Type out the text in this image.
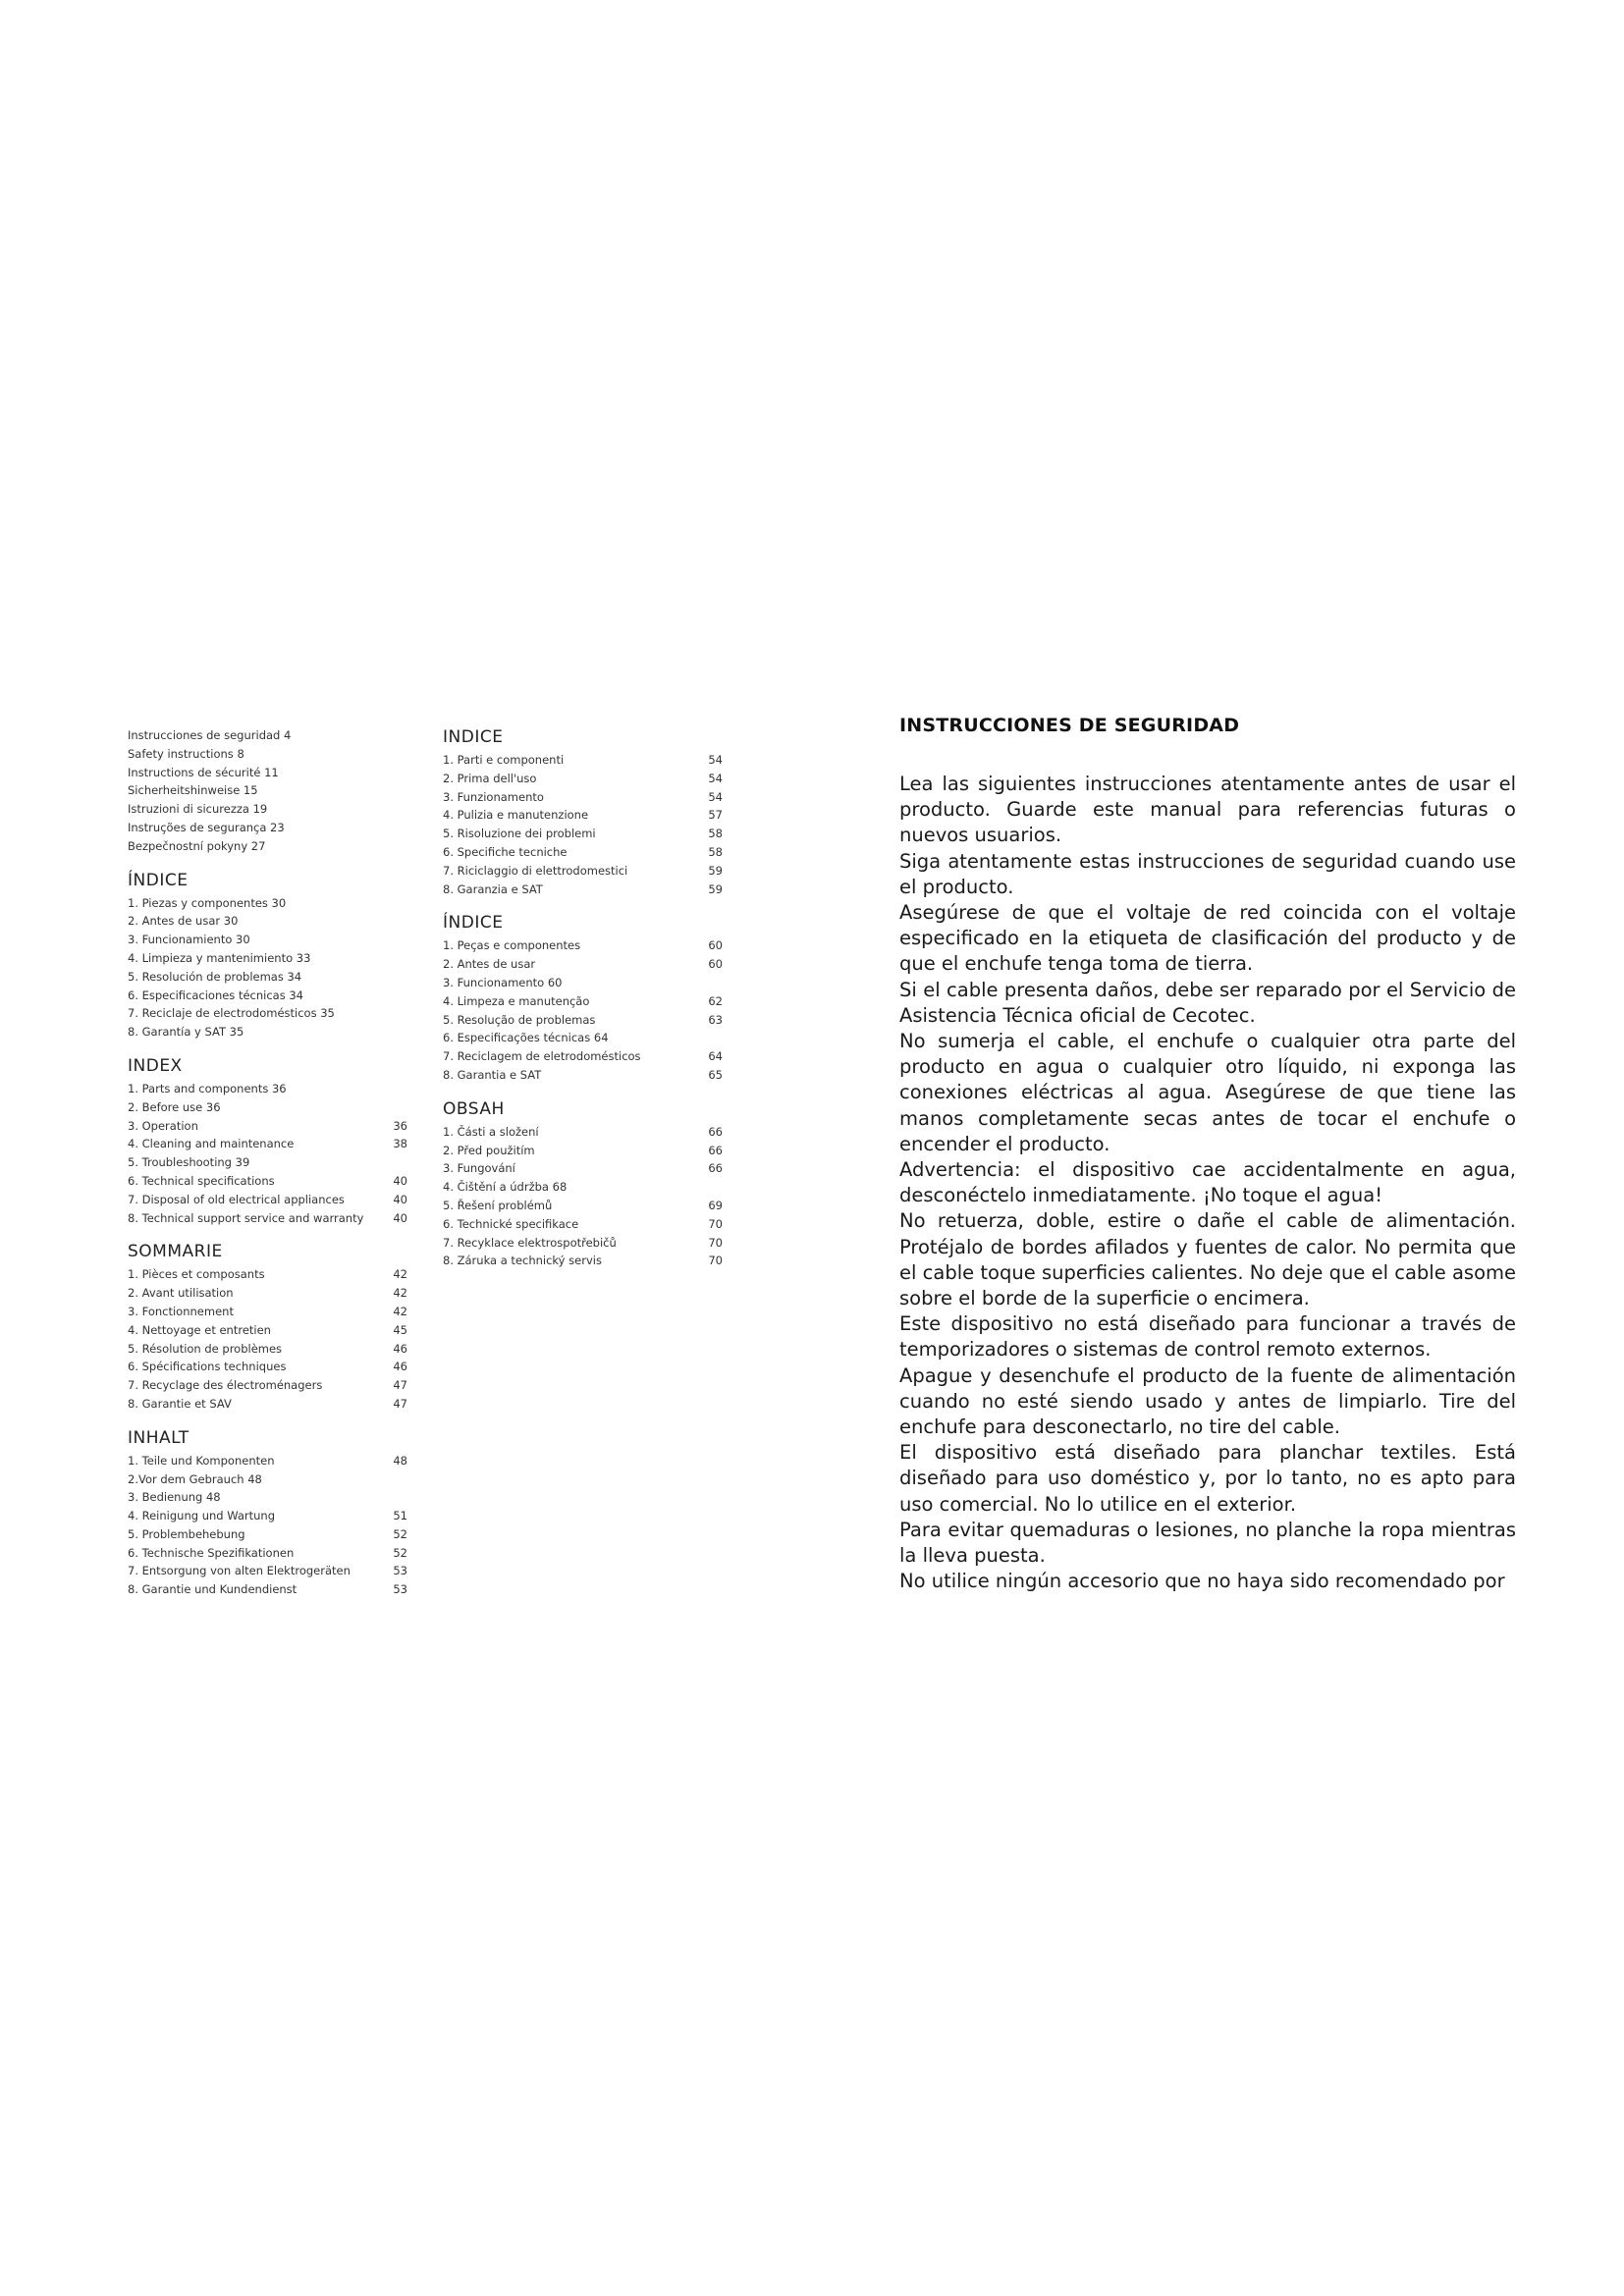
Instrucciones de seguridad 4
Safety instructions 8
Instructions de sécurité 11
Sicherheitshinweise 15
Istruzioni di sicurezza 19
Instruções de segurança 23
Bezpečnostní pokyny 27
ÍNDICE
1. Piezas y componentes 30
2. Antes de usar 30
3. Funcionamiento 30
4. Limpieza y mantenimiento 33
5. Resolución de problemas 34
6. Especificaciones técnicas 34
7. Reciclaje de electrodomésticos 35
8. Garantía y SAT 35
INDEX
1. Parts and components 36
2. Before use 36
3. Operation	36
4. Cleaning and maintenance	38
5. Troubleshooting 39
6. Technical specifications	40
7. Disposal of old electrical appliances	40
8. Technical support service and warranty	40
SOMMARIE
1. Pièces et composants	42
2. Avant utilisation	42
3. Fonctionnement	42
4. Nettoyage et entretien	45
5. Résolution de problèmes	46
6. Spécifications techniques	46
7. Recyclage des électroménagers	47
8. Garantie et SAV	47
INHALT
1. Teile und Komponenten	48
2.Vor dem Gebrauch 48
3. Bedienung 48
4. Reinigung und Wartung	51
5. Problembehebung	52
6. Technische Spezifikationen	52
7. Entsorgung von alten Elektrogeräten	53
8. Garantie und Kundendienst	53
INDICE
1. Parti e componenti	54
2. Prima dell'uso	54
3. Funzionamento	54
4. Pulizia e manutenzione	57
5. Risoluzione dei problemi	58
6. Specifiche tecniche	58
7. Riciclaggio di elettrodomestici	59
8. Garanzia e SAT	59
ÍNDICE
1. Peças e componentes	60
2. Antes de usar	60
3. Funcionamento 60
4. Limpeza e manutenção	62
5. Resolução de problemas	63
6. Especificações técnicas 64
7. Reciclagem de eletrodomésticos	64
8. Garantia e SAT	65
OBSAH
1. Části a složení	66
2. Před použitím	66
3. Fungování	66
4. Čištění a údržba 68
5. Řešení problémů	69
6. Technické specifikace	70
7. Recyklace elektrospotřebičů	70
8. Záruka a technický servis	70
INSTRUCCIONES DE SEGURIDAD

Lea las siguientes instrucciones atentamente antes de usar el producto. Guarde este manual para referencias futuras o nuevos usuarios.

Siga atentamente estas instrucciones de seguridad cuando use el producto.

Asegúrese de que el voltaje de red coincida con el voltaje especificado en la etiqueta de clasificación del producto y de que el enchufe tenga toma de tierra.

Si el cable presenta daños, debe ser reparado por el Servicio de Asistencia Técnica oficial de Cecotec.

No sumerja el cable, el enchufe o cualquier otra parte del producto en agua o cualquier otro líquido, ni exponga las conexiones eléctricas al agua. Asegúrese de que tiene las manos completamente secas antes de tocar el enchufe o encender el producto.

Advertencia: el dispositivo cae accidentalmente en agua, desconéctelo inmediatamente. ¡No toque el agua!

No retuerza, doble, estire o dañe el cable de alimentación. Protéjalo de bordes afilados y fuentes de calor. No permita que el cable toque superficies calientes. No deje que el cable asome sobre el borde de la superficie o encimera.

Este dispositivo no está diseñado para funcionar a través de temporizadores o sistemas de control remoto externos.

Apague y desenchufe el producto de la fuente de alimentación cuando no esté siendo usado y antes de limpiarlo. Tire del enchufe para desconectarlo, no tire del cable.

El dispositivo está diseñado para planchar textiles. Está diseñado para uso doméstico y, por lo tanto, no es apto para uso comercial. No lo utilice en el exterior.

Para evitar quemaduras o lesiones, no planche la ropa mientras la lleva puesta.

No utilice ningún accesorio que no haya sido recomendado por
